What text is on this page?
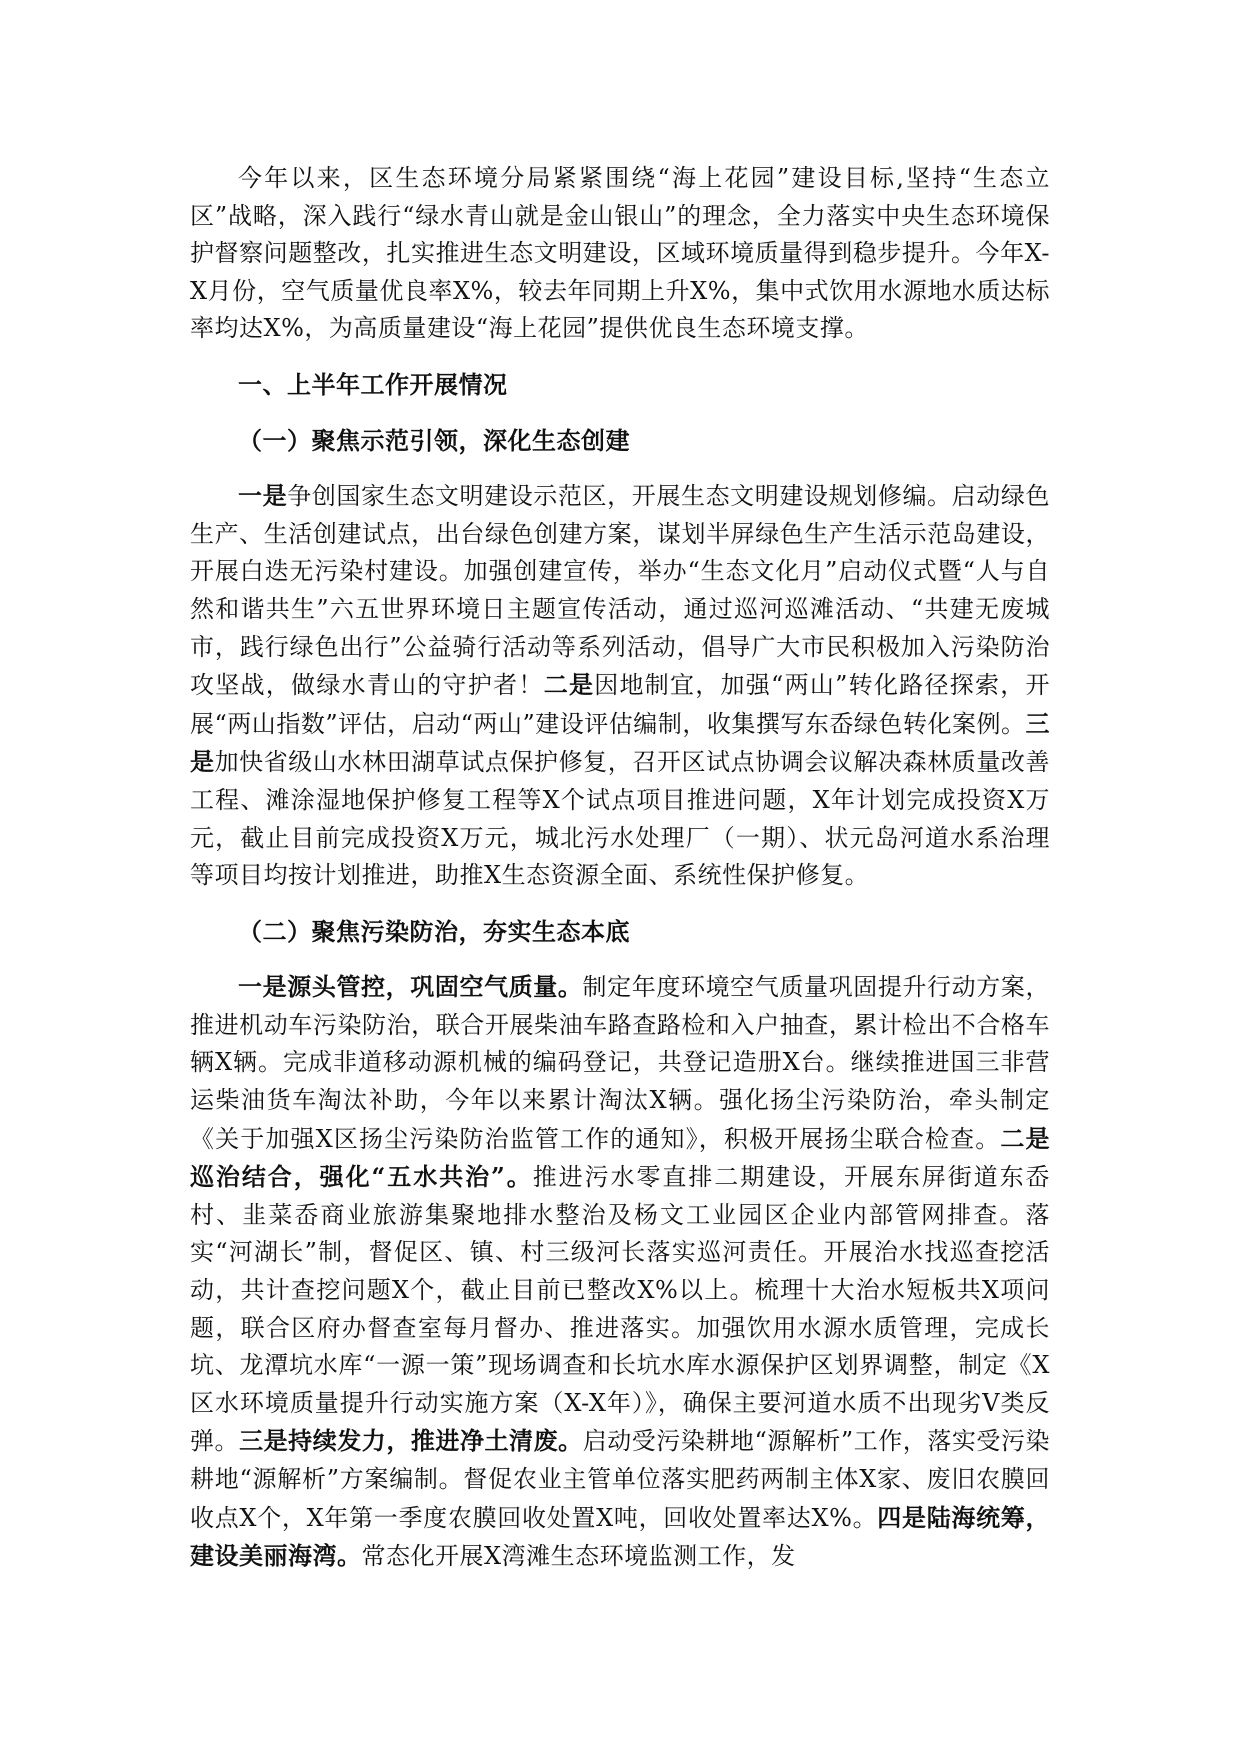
今年以来，区生态环境分局紧紧围绕“海上花园”建设目标,坚持“生态立区”战略，深入践行“绿水青山就是金山银山”的理念，全力落实中央生态环境保护督察问题整改，扎实推进生态文明建设，区域环境质量得到稳步提升。今年X-X月份，空气质量优良率X%，较去年同期上升X%，集中式饮用水源地水质达标率均达X%，为高质量建设“海上花园”提供优良生态环境支撑。

一、上半年工作开展情况

（一）聚焦示范引领，深化生态创建

一是争创国家生态文明建设示范区，开展生态文明建设规划修编。启动绿色生产、生活创建试点，出台绿色创建方案，谋划半屏绿色生产生活示范岛建设，开展白迭无污染村建设。加强创建宣传，举办“生态文化月”启动仪式暨“人与自然和谐共生”六五世界环境日主题宣传活动，通过巡河巡滩活动、“共建无废城市，践行绿色出行”公益骑行活动等系列活动，倡导广大市民积极加入污染防治攻坚战，做绿水青山的守护者！二是因地制宜，加强“两山”转化路径探索，开展“两山指数”评估，启动“两山”建设评估编制，收集撰写东岙绿色转化案例。三是加快省级山水林田湖草试点保护修复，召开区试点协调会议解决森林质量改善工程、滩涂湿地保护修复工程等X个试点项目推进问题，X年计划完成投资X万元，截止目前完成投资X万元，城北污水处理厂（一期）、状元岛河道水系治理等项目均按计划推进，助推X生态资源全面、系统性保护修复。

（二）聚焦污染防治，夯实生态本底

一是源头管控，巩固空气质量。制定年度环境空气质量巩固提升行动方案，推进机动车污染防治，联合开展柴油车路查路检和入户抽查，累计检出不合格车辆X辆。完成非道移动源机械的编码登记，共登记造册X台。继续推进国三非营运柴油货车淘汰补助，今年以来累计淘汰X辆。强化扬尘污染防治，牵头制定《关于加强X区扬尘污染防治监管工作的通知》，积极开展扬尘联合检查。二是巡治结合，强化“五水共治”。推进污水零直排二期建设，开展东屏街道东岙村、韭菜岙商业旅游集聚地排水整治及杨文工业园区企业内部管网排查。落实“河湖长”制，督促区、镇、村三级河长落实巡河责任。开展治水找巡查挖活动，共计查挖问题X个，截止目前已整改X%以上。梳理十大治水短板共X项问题，联合区府办督查室每月督办、推进落实。加强饮用水源水质管理，完成长坑、龙潭坑水库“一源一策”现场调查和长坑水库水源保护区划界调整，制定《X区水环境质量提升行动实施方案（X-X年）》，确保主要河道水质不出现劣Ⅴ类反弹。三是持续发力，推进净土清废。启动受污染耕地“源解析”工作，落实受污染耕地“源解析”方案编制。督促农业主管单位落实肥药两制主体X家、废旧农膜回收点X个，X年第一季度农膜回收处置X吨，回收处置率达X%。四是陆海统筹，建设美丽海湾。常态化开展X湾滩生态环境监测工作，发
